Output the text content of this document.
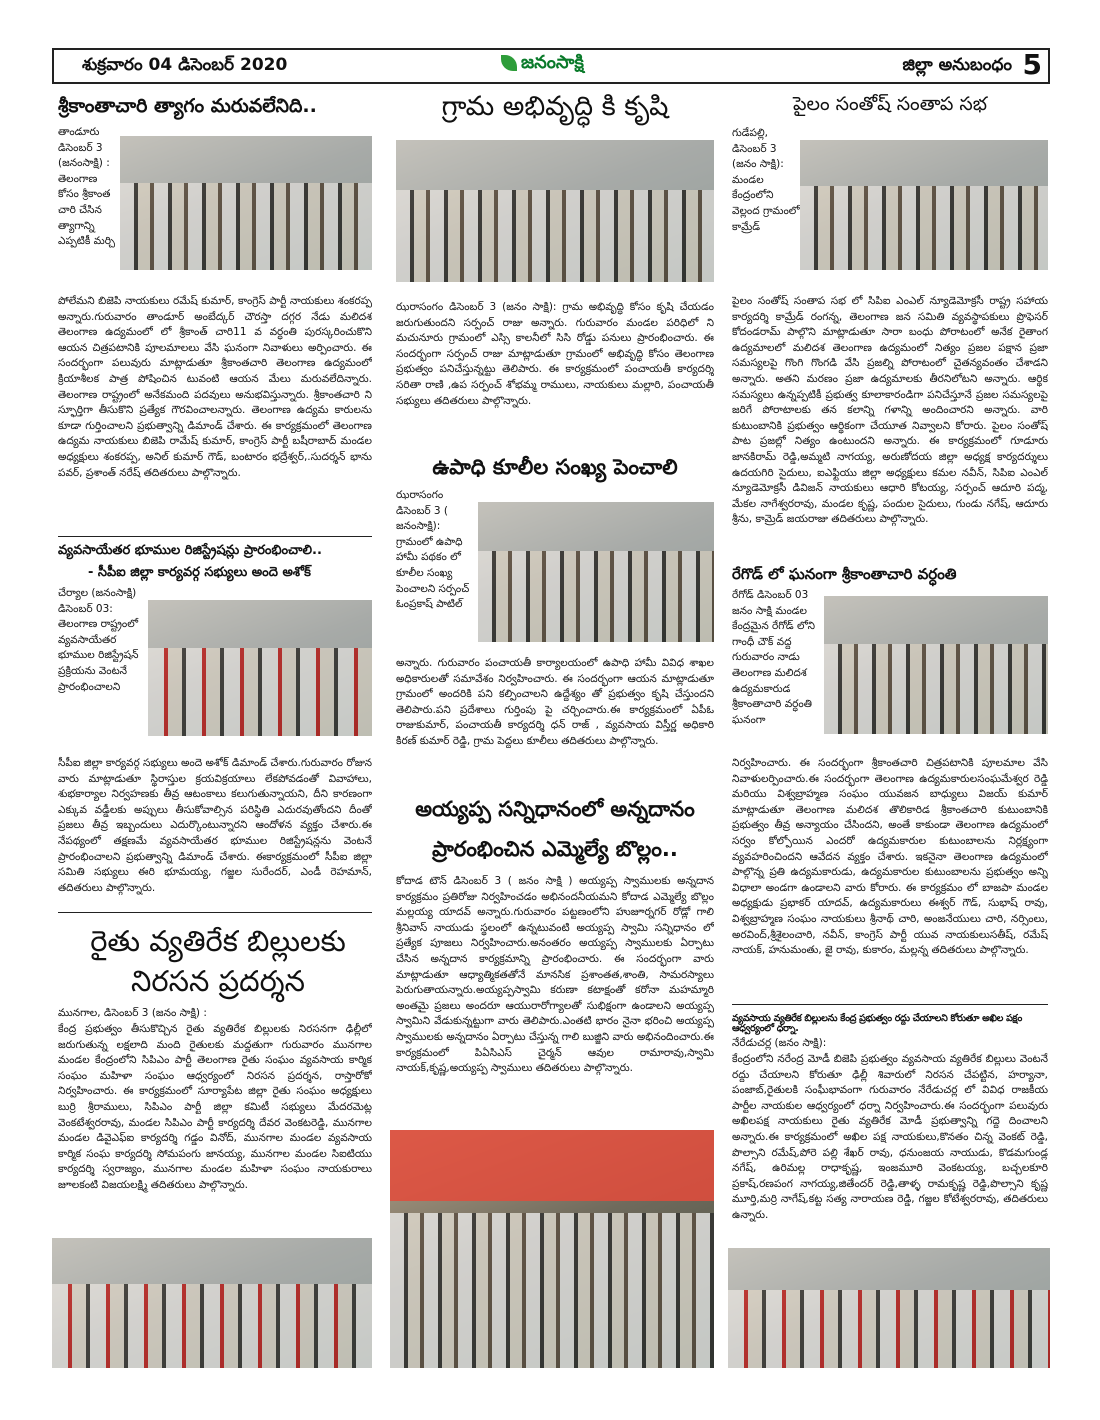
శుక్రవారం 04 డిసెంబర్ 2020	జనంసాక్షి	జిల్లా అనుబంధం 5
శ్రీకాంతాచారి త్యాగం మరువలేనిది..
తాండూరు డిసెంబర్ 3 (జనంసాక్షి) : తెలంగాణ కోసం శ్రీకాంత చారి చేసిన త్యాగాన్ని ఎప్పటికీ మర్చి
పోలేమని బిజెపి నాయకులు రమేష్ కుమార్, కాంగ్రెస్ పార్టీ నాయకులు శంకరప్ప అన్నారు.గురువారం తాండూర్ అంబేద్కర్ చౌరస్తా దగ్గర నేడు మలిదశ తెలంగాణ ఉద్యమంలో లో శ్రీకాంత్ చారి11 వ వర్ధంతి పురస్కరించుకొని ఆయన చిత్రపటానికి పూలమాలలు వేసి ఘనంగా నివాళులు అర్పించారు. ఈ సందర్భంగా పలువురు మాట్లాడుతూ శ్రీకాంతచారి తెలంగాణ ఉద్యమంలో క్రియాశీలక పాత్ర పోషించిన టువంటి ఆయన మేలు మరువలేదిన్నారు. తెలంగాణ రాష్ట్రంలో అనేకమంది పదవులు అనుభవిస్తున్నారు. శ్రీకాంతచారి ని స్ఫూర్తిగా తీసుకొని ప్రత్యేక గౌరవించాలన్నారు. తెలంగాణ ఉద్యమ కారులను కూడా గుర్తించాలని ప్రభుత్వాన్ని డిమాండ్ చేశారు. ఈ కార్యక్రమంలో తెలంగాణ ఉద్యమ నాయకులు బిజెపి రామేష్ కుమార్, కాంగ్రెస్ పార్టీ బషీరాబాద్ మండల అధ్యక్షులు శంకరప్ప, అనిల్ కుమార్ గౌడ్, బంటారం భద్రేశ్వర్,.సుదర్శన్ భాను పవర్, ప్రశాంత్ నరేష్ తదితరులు పాల్గొన్నారు.
వ్యవసాయేతర భూముల రిజిస్ట్రేషన్లు ప్రారంభించాలి..
- సీపీఐ జిల్లా కార్యవర్గ సభ్యులు అందె అశోక్
చేర్యాల (జనంసాక్షి) డిసెంబర్ 03: తెలంగాణ రాష్ట్రంలో వ్యవసాయేతర భూముల రిజిస్ట్రేషన్ ప్రక్రియను వెంటనే ప్రారంభించాలని
సీపీఐ జిల్లా కార్యవర్గ సభ్యులు అందె అశోక్ డిమాండ్ చేశారు.గురువారం రోజున వారు మాట్లాడుతూ స్థిరాస్తుల క్రయవిక్రయాలు లేకపోవడంతో వివాహాలు, శుభకార్యాల నిర్వహణకు తీవ్ర ఆటంకాలు కలుగుతున్నాయని, దీని కారణంగా ఎక్కువ వడ్డీలకు అప్పులు తీసుకోవాల్సిన పరిస్థితి ఎదురవుతోందని దీంతో ప్రజలు తీవ్ర ఇబ్బందులు ఎదుర్కొంటున్నారని ఆందోళన వ్యక్తం చేశారు.ఈ నేపథ్యంలో తక్షణమే వ్యవసాయేతర భూముల రిజిస్ట్రేషన్లను వెంటనే ప్రారంభించాలని ప్రభుత్వాన్ని డిమాండ్ చేశారు. ఈకార్యక్రమంలో సీపీఐ జిల్లా సమితి సభ్యులు ఈరి భూమయ్య, గజ్జల సురేందర్, ఎండీ రెహమాన్, తదితరులు పాల్గొన్నారు.
రైతు వ్యతిరేక బిల్లులకు
నిరసన ప్రదర్శన
మునగాల, డిసెంబర్ 3 (జనం సాక్షి) :
కేంద్ర ప్రభుత్వం తీసుకొచ్చిన రైతు వ్యతిరేక బిల్లులకు నిరసనగా ఢిల్లీలో జరుగుతున్న లక్షలాది మంది రైతులకు మద్దతుగా గురువారం మునగాల మండల కేంద్రంలోని సిపిఎం పార్టీ తెలంగాణ రైతు సంఘం వ్యవసాయ కార్మిక సంఘం మహిళా సంఘం ఆధ్వర్యంలో నిరసన ప్రదర్శన, రాస్తారోకో నిర్వహించారు. ఈ కార్యక్రమంలో సూర్యాపేట జిల్లా రైతు సంఘం అధ్యక్షులు బుర్రి శ్రీరాములు, సిపిఎం పార్టీ జిల్లా కమిటీ సభ్యులు మేదరమెట్ల వెంకటేశ్వరరావు, మండల సిపిఎం పార్టీ కార్యదర్శి దేవర వెంకటరెడ్డి, మునగాల మండల డివైఎఫ్ఐ కార్యదర్శి గడ్డం వినోద్, మునగాల మండల వ్యవసాయ కార్మిక సంఘ కార్యదర్శి సోమపంగు జానయ్య, మునగాల మండల సిఐటియు కార్యదర్శి స్వరాజ్యం, మునగాల మండల మహిళా సంఘం నాయకురాలు జూలకంటి విజయలక్ష్మి తదితరులు పాల్గొన్నారు.
గ్రామ అభివృద్ధి కి కృషి
ఝరాసంగం డిసెంబర్ 3 (జనం సాక్షి): గ్రామ అభివృద్ధి కోసం కృషి చేయడం జరుగుతుందని సర్పంచ్ రాజు అన్నారు. గురువారం మండల పరిధిలో ని మచునూరు గ్రామంలో ఎస్సి కాలనీలో సిసి రోడ్డు పనులు ప్రారంభించారు. ఈ సందర్భంగా సర్పంచ్ రాజు మాట్లాడుతూ గ్రామంలో అభివృద్ధి కోసం తెలంగాణ ప్రభుత్వం పనిచేస్తున్నట్టు తెలిపారు. ఈ కార్యక్రమంలో పంచాయతీ కార్యదర్శి సరితా రాణి ,ఉప సర్పంచ్ శోభమ్మ రాములు, నాయకులు మల్లారి, పంచాయతీ సభ్యులు తదితరులు పాల్గొన్నారు.
ఉపాధి కూలీల సంఖ్య పెంచాలి
ఝరాసంగం డిసెంబర్ 3 ( జనంసాక్షి): గ్రామంలో ఉపాధి హామీ పథకం లో కూలీల సంఖ్య పెంచాలని సర్పంచ్ ఓంప్రకాష్ పాటిల్
అన్నారు. గురువారం పంచాయతీ కార్యాలయంలో ఉపాధి హామీ వివిధ శాఖల అధికారులతో సమావేశం నిర్వహించారు. ఈ సందర్భంగా ఆయన మాట్లాడుతూ గ్రామంలో అందరికి పని కల్పించాలని ఉద్దేశ్యం తో ప్రభుత్వం కృషి చేస్తుందని తెలిపారు.పని ప్రదేశాలు గుర్తింపు పై చర్చించారు.ఈ కార్యక్రమంలో ఏపీఓ రాజుకుమార్, పంచాయతీ కార్యదర్శి ధన్ రాజ్ , వ్యవసాయ విస్తీర్ణ అధికారి కిరణ్ కుమార్ రెడ్డి, గ్రామ పెద్దలు కూలీలు తదితరులు పాల్గొన్నారు.
అయ్యప్ప సన్నిధానంలో అన్నదానం
ప్రారంభించిన ఎమ్మెల్యే బొల్లం..
కోదాడ టౌన్ డిసెంబర్ 3 ( జనం సాక్షి ) అయ్యప్ప స్వాములకు అన్నదాన కార్యక్రమం ప్రతిరోజు నిర్వహించడం అభినందనీయమని కోదాడ ఎమ్మెల్యే బొల్లం మల్లయ్య యాదవ్ అన్నారు.గురువారం పట్టణంలోని హుజూర్నగర్ రోడ్లో గాలి శ్రీనివాస్ నాయుడు స్థలంలో ఉన్నటువంటి అయ్యప్ప స్వామి సన్నిధానం లో ప్రత్యేక పూజలు నిర్వహించారు.అనంతరం అయ్యప్ప స్వాములకు ఏర్పాటు చేసిన అన్నదాన కార్యక్రమాన్ని ప్రారంభించారు. ఈ సందర్భంగా వారు మాట్లాడుతూ ఆధ్యాత్మికతతోనే మానసిక ప్రశాంతత,శాంతి, సామరస్యాలు పెరుగుతాయన్నారు.అయ్యప్పస్వామి కరుణా కటాక్షంతో కరోనా మహమ్మారి అంతమై ప్రజలు అందరూ ఆయురారోగ్యాలతో సుభిక్షంగా ఉండాలని అయ్యప్ప స్వామిని వేడుకున్నట్టుగా వారు తెలిపారు.ఎంతటి భారం నైనా భరించి అయ్యప్ప స్వాములకు అన్నదానం ఏర్పాటు చేస్తున్న గాలి బుజ్జిని వారు అభినందించారు.ఈ కార్యక్రమంలో పిఏసిఎస్ చైర్మన్ ఆవుల రామారావు,స్వామి నాయక్,కృష్ణ,అయ్యప్ప స్వాములు తదితరులు పాల్గొన్నారు.
పైలం సంతోష్ సంతాప సభ
గుడేపల్లి, డిసెంబర్ 3 (జనం సాక్షి): మండల కేంద్రంలోని వెల్లంద గ్రామంలో కామ్రేడ్
పైలం సంతోష్ సంతాప సభ లో సిపిఐ ఎంఎల్ న్యూడెమోక్రసీ రాష్ట్ర సహాయ కార్యదర్శి కామ్రేడ్ రంగన్న, తెలంగాణ జన సమితి వ్యవస్థాపకులు ప్రొఫెసర్ కోదండరామ్ పాల్గొని మాట్లాడుతూ సారా బంధు పోరాటంలో అనేక రైతాంగ ఉద్యమాలలో మలిదశ తెలంగాణ ఉద్యమంలో నిత్యం ప్రజల పక్షాన ప్రజా సమస్యలపై గొంగి గొంగడి వేసి ప్రజల్ని పోరాటంలో చైతన్యవంతం చేశాడని అన్నారు. అతని మరణం ప్రజా ఉద్యమాలకు తీరనిలోటని అన్నారు. ఆర్థిక సమస్యలు ఉన్నప్పటికీ ప్రభుత్వ కూలాకారండిగా పనిచేస్తూనే ప్రజల సమస్యలపై జరిగే పోరాటాలకు తన కలాన్ని గళాన్ని అందించారని అన్నారు. వారి కుటుంబానికి ప్రభుత్వం ఆర్థికంగా చేయూత నివ్వాలని కోరారు. పైలం సంతోష్ పాట ప్రజల్లో నిత్యం ఉంటుందని అన్నారు. ఈ కార్యక్రమంలో గూడూరు జానకిరామ్ రెడ్డి,అమ్మటి నాగయ్య, అరుణోదయ జిల్లా అధ్యక్ష కార్యదర్శులు ఉదయగిరి సైదులు, ఐఎఫ్టియు జిల్లా అధ్యక్షులు కమల నవీన్, సిపిఐ ఎంఎల్ న్యూడెమోక్రసీ డివిజన్ నాయకులు ఆధారి కోటయ్య, సర్పంచ్ ఆదూరి పద్మ, మేకల నాగేశ్వరరావు, మండల కృష్ణ, పందుల సైదులు, గుండు నగేష్, ఆదూరు శ్రీను, కామ్రెడ్ జయరాజు తదితరులు పాల్గొన్నారు.
రేగొడ్ లో ఘనంగా శ్రీకాంతాచారి వర్ధంతి
రేగోడ్ డిసెంబర్ 03 జనం సాక్షి మండల కేంద్రమైన రేగోడ్ లోని గాంధీ చౌక్ వద్ద గురువారం నాడు తెలంగాణ మలిదశ ఉద్యమకారుడ శ్రీకాంతాచారి వర్ధంతి ఘనంగా
నిర్వహించారు. ఈ సందర్భంగా శ్రీకాంతచారి చిత్రపటానికి పూలమాల వేసి నివాళులర్పించారు.ఈ సందర్భంగా తెలంగాణ ఉద్యమకారులసంఘమేశ్వర రెడ్డి మరియు విశ్వబ్రాహ్మణ సంఘం యువజన బాధ్యులు విజయ్ కుమార్ మాట్లాడుతూ తెలంగాణ మలిదశ తొలికారిడ శ్రీకాంతచారి కుటుంబానికి ప్రభుత్వం తీవ్ర అన్యాయం చేసిందని, అంతే కాకుండా తెలంగాణ ఉద్యమంలో సర్వం కోల్పోయిన ఎందరో ఉద్యమకారుల కుటుంబాలను నిర్లక్ష్యంగా వ్యవహరించిందని ఆవేదన వ్యక్తం చేశారు. ఇకనైనా తెలంగాణ ఉద్యమంలో పాల్గొన్న ప్రతి ఉద్యమకారుడు, ఉద్యమకారుల కుటుంబాలను ప్రభుత్వం అన్ని విధాలా అండగా ఉండాలని వారు కోరారు. ఈ కార్యక్రమం లో బాజపా మండల అధ్యక్షుడు ప్రభాకర్ యాదవ్, ఉద్యమకారులు ఈశ్వర్ గౌడ్, సుభాష్ రావు, విశ్వబ్రాహ్మణ సంఘం నాయకులు శ్రీనాథ్ చారి, అంజనేయులు చారి, నర్సింలు, అరవింద్,శ్రీశైలంచారి, నవీన్, కాంగ్రెస్ పార్టీ యువ నాయకులుసతీష్, రమేష్ నాయక్, హనుమంతు, జై రావు, కుకారం, మల్లన్న తదితరులు పాల్గొన్నారు.
వ్యవసాయ వ్యతిరేక బిల్లులను కేంద్ర ప్రభుత్వం రద్దు చేయాలని కోరుతూ అఖిల పక్షం ఆధ్వర్యంలో ధర్నా.
నేరేడుచర్ల (జనం సాక్షి):
కేంద్రంలోని నరేంద్ర మోడీ బిజెపి ప్రభుత్వం వ్యవసాయ వ్యతిరేక బిల్లులు వెంటనే రద్దు చేయాలని కోరుతూ ఢిల్లీ శివారులో నిరసన చేపట్టిన, హర్యానా, పంజాబ్,రైతులకి సంఘీభావంగా గురువారం నేరేడుచర్ల లో వివిధ రాజకీయ పార్టీల నాయకుల ఆధ్వర్యంలో ధర్నా నిర్వహించారు.ఈ సందర్భంగా పలువురు అఖిలపక్ష నాయకులు రైతు వ్యతిరేక మోడీ ప్రభుత్వాన్ని గద్దె దించాలని అన్నారు.ఈ కార్యక్రమంలో అఖిల పక్ష నాయకులు,కొనతం చిన్న వెంకట్ రెడ్డి, పొల్సాని రమేష్,పోరె పల్లి శేఖర్ రావు, ధనుంజయ నాయుడు, కొడమగుండ్ల నగేష్, ఉరిమల్ల రాధాకృష్ణ, ఇంజమూరి వెంకటయ్య, బచ్చలకూరి ప్రకాష్,రణపంగ నాగయ్య,జితేందర్ రెడ్డి,తాళ్ళ రామకృష్ణ రెడ్డి,పొల్సాని కృష్ణ మూర్తి,మర్రి నాగేష్,కట్ట సత్య నారాయణ రెడ్డి, గజ్జల కోటేశ్వరరావు, తదితరులు ఉన్నారు.
